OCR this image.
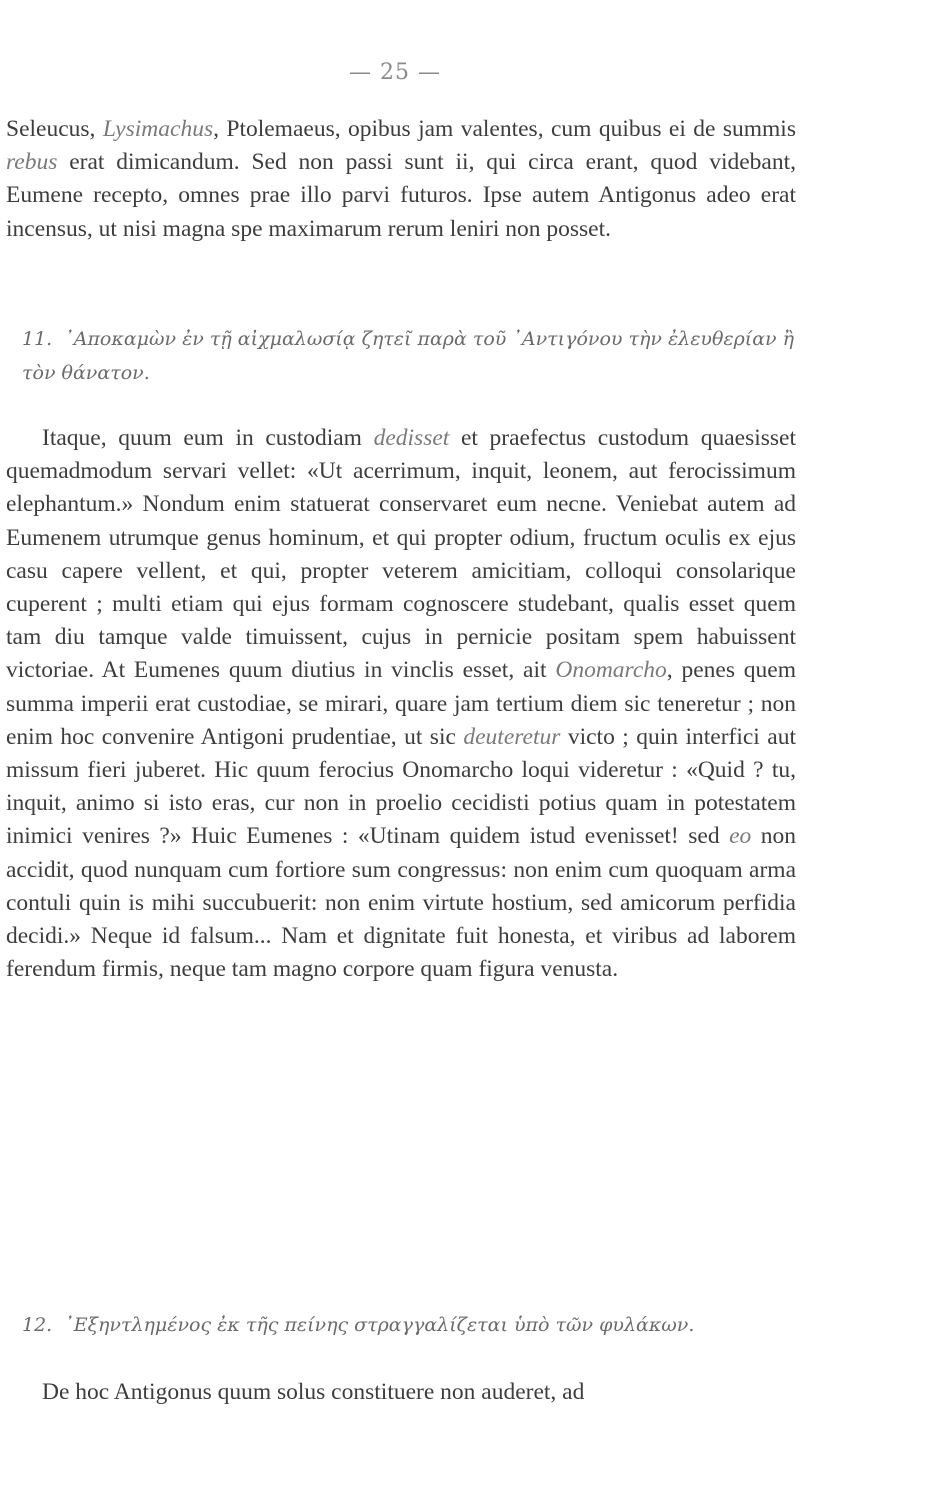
— 25 —

Seleucus, Lysimachus, Ptolemaeus, opibus jam valentes, cum quibus ei de summis rebus erat dimicandum. Sed non passi sunt ii, qui circa erant, quod videbant, Eumene recepto, omnes prae illo parvi futuros. Ipse autem Antigonus adeo erat incensus, ut nisi magna spe maximarum rerum leniri non posset.

11. ᾿Αποκαμὼν ἐν τῇ αἰχμαλωσίᾳ ζητεῖ παρὰ τοῦ ᾿Αντιγόνου τὴν ἐλευθερίαν ἢ τὸν θάνατον.

Itaque, quum eum in custodiam dedisset et praefectus custodum quaesisset quemadmodum servari vellet: «Ut acerrimum, inquit, leonem, aut ferocissimum elephantum.» Nondum enim statuerat conservaret eum necne. Veniebat autem ad Eumenem utrumque genus hominum, et qui propter odium, fructum oculis ex ejus casu capere vellent, et qui, propter veterem amicitiam, colloqui consolarique cuperent ; multi etiam qui ejus formam cognoscere studebant, qualis esset quem tam diu tamque valde timuissent, cujus in pernicie positam spem habuissent victoriae. At Eumenes quum diutius in vinclis esset, ait Onomarcho, penes quem summa imperii erat custodiae, se mirari, quare jam tertium diem sic teneretur ; non enim hoc convenire Antigoni prudentiae, ut sic deuteretur victo ; quin interfici aut missum fieri juberet. Hic quum ferocius Onomarcho loqui videretur : «Quid ? tu, inquit, animo si isto eras, cur non in proelio cecidisti potius quam in potestatem inimici venires ?» Huic Eumenes : «Utinam quidem istud evenisset! sed eo non accidit, quod nunquam cum fortiore sum congressus: non enim cum quoquam arma contuli quin is mihi succubuerit: non enim virtute hostium, sed amicorum perfidia decidi.» Neque id falsum... Nam et dignitate fuit honesta, et viribus ad laborem ferendum firmis, neque tam magno corpore quam figura venusta.

12. ᾿Εξηντλημένος ἐκ τῆς πείνης στραγγαλίζεται ὑπὸ τῶν φυλάκων.

De hoc Antigonus quum solus constituere non auderet, ad
